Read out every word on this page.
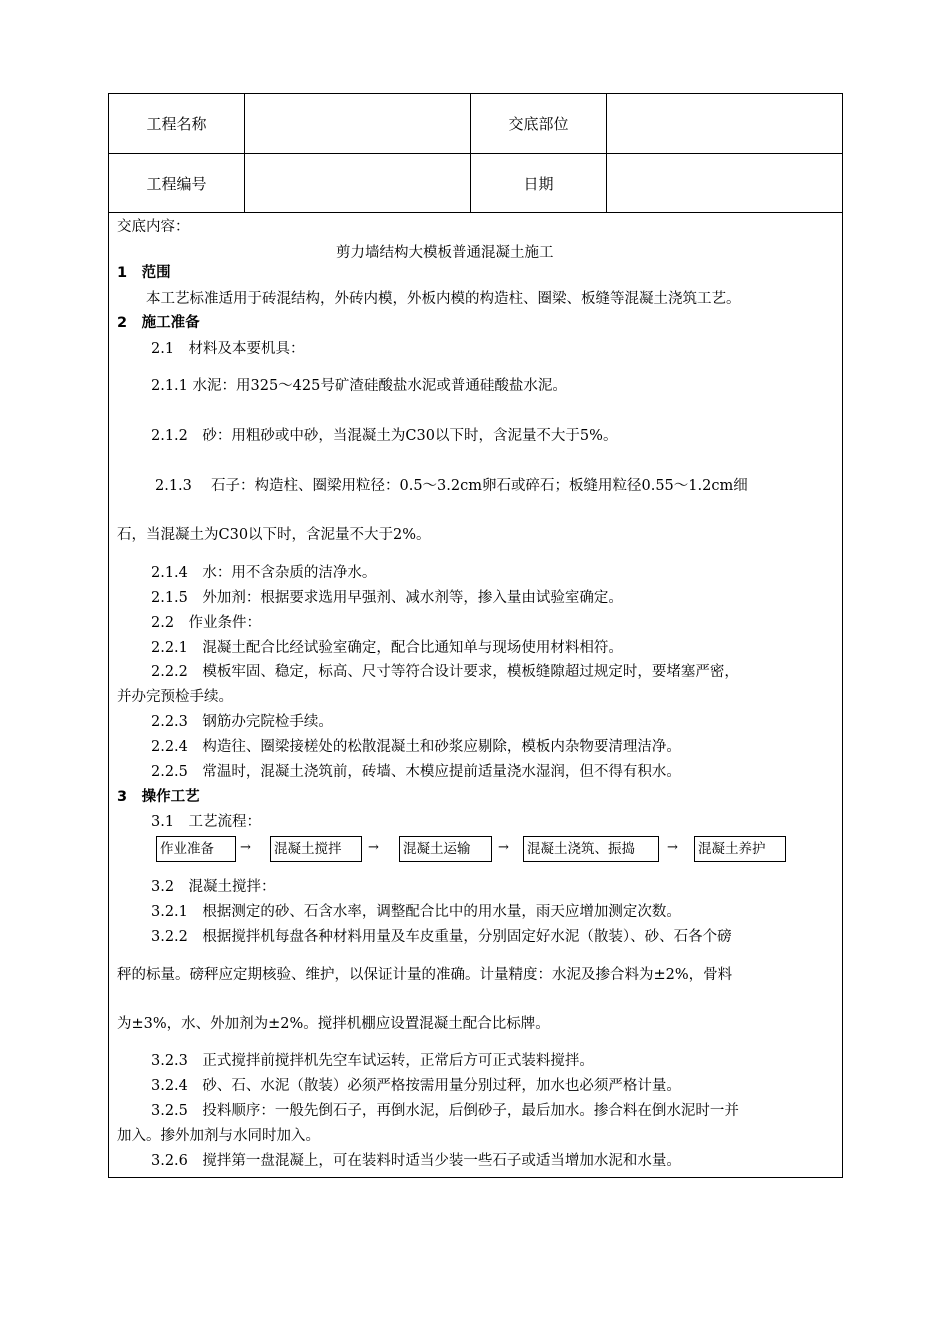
工程名称	交底部位
工程编号	日期
交底内容：
剪力墙结构大模板普通混凝土施工
1　范围
本工艺标准适用于砖混结构，外砖内模，外板内模的构造柱、圈梁、板缝等混凝土浇筑工艺。
2　施工准备
2.1　材料及本要机具：
2.1.1 水泥：用325～425号矿渣硅酸盐水泥或普通硅酸盐水泥。
2.1.2　砂：用粗砂或中砂，当混凝土为C30以下时，含泥量不大于5%。
2.1.3　 石子：构造柱、圈梁用粒径：0.5～3.2cm卵石或碎石；板缝用粒径0.55～1.2cm细
石，当混凝土为C30以下时，含泥量不大于2%。
2.1.4　水：用不含杂质的洁净水。
2.1.5　外加剂：根据要求选用早强剂、减水剂等，掺入量由试验室确定。
2.2　作业条件：
2.2.1　混凝土配合比经试验室确定，配合比通知单与现场使用材料相符。
2.2.2　模板牢固、稳定，标高、尺寸等符合设计要求，模板缝隙超过规定时，要堵塞严密，
并办完预检手续。
2.2.3　钢筋办完院检手续。
2.2.4　构造往、圈梁接槎处的松散混凝土和砂浆应剔除，模板内杂物要清理洁净。
2.2.5　常温时，混凝土浇筑前，砖墙、木模应提前适量浇水湿润，但不得有积水。
3　操作工艺
3.1　工艺流程：
作业准备	→ 混凝土搅拌	→ 混凝土运输	→ 混凝土浇筑、振捣	→ 混凝土养护
3.2　混凝土搅拌：
3.2.1　根据测定的砂、石含水率，调整配合比中的用水量，雨天应增加测定次数。
3.2.2　根据搅拌机每盘各种材料用量及车皮重量，分别固定好水泥（散装）、砂、石各个磅
秤的标量。磅秤应定期核验、维护，以保证计量的准确。计量精度：水泥及掺合料为±2%，骨料
为±3%，水、外加剂为±2%。搅拌机棚应设置混凝土配合比标牌。
3.2.3　正式搅拌前搅拌机先空车试运转，正常后方可正式装料搅拌。
3.2.4　砂、石、水泥（散装）必须严格按需用量分别过秤，加水也必须严格计量。
3.2.5　投料顺序：一般先倒石子，再倒水泥，后倒砂子，最后加水。掺合料在倒水泥时一并
加入。掺外加剂与水同时加入。
3.2.6　搅拌第一盘混凝上，可在装料时适当少装一些石子或适当增加水泥和水量。
